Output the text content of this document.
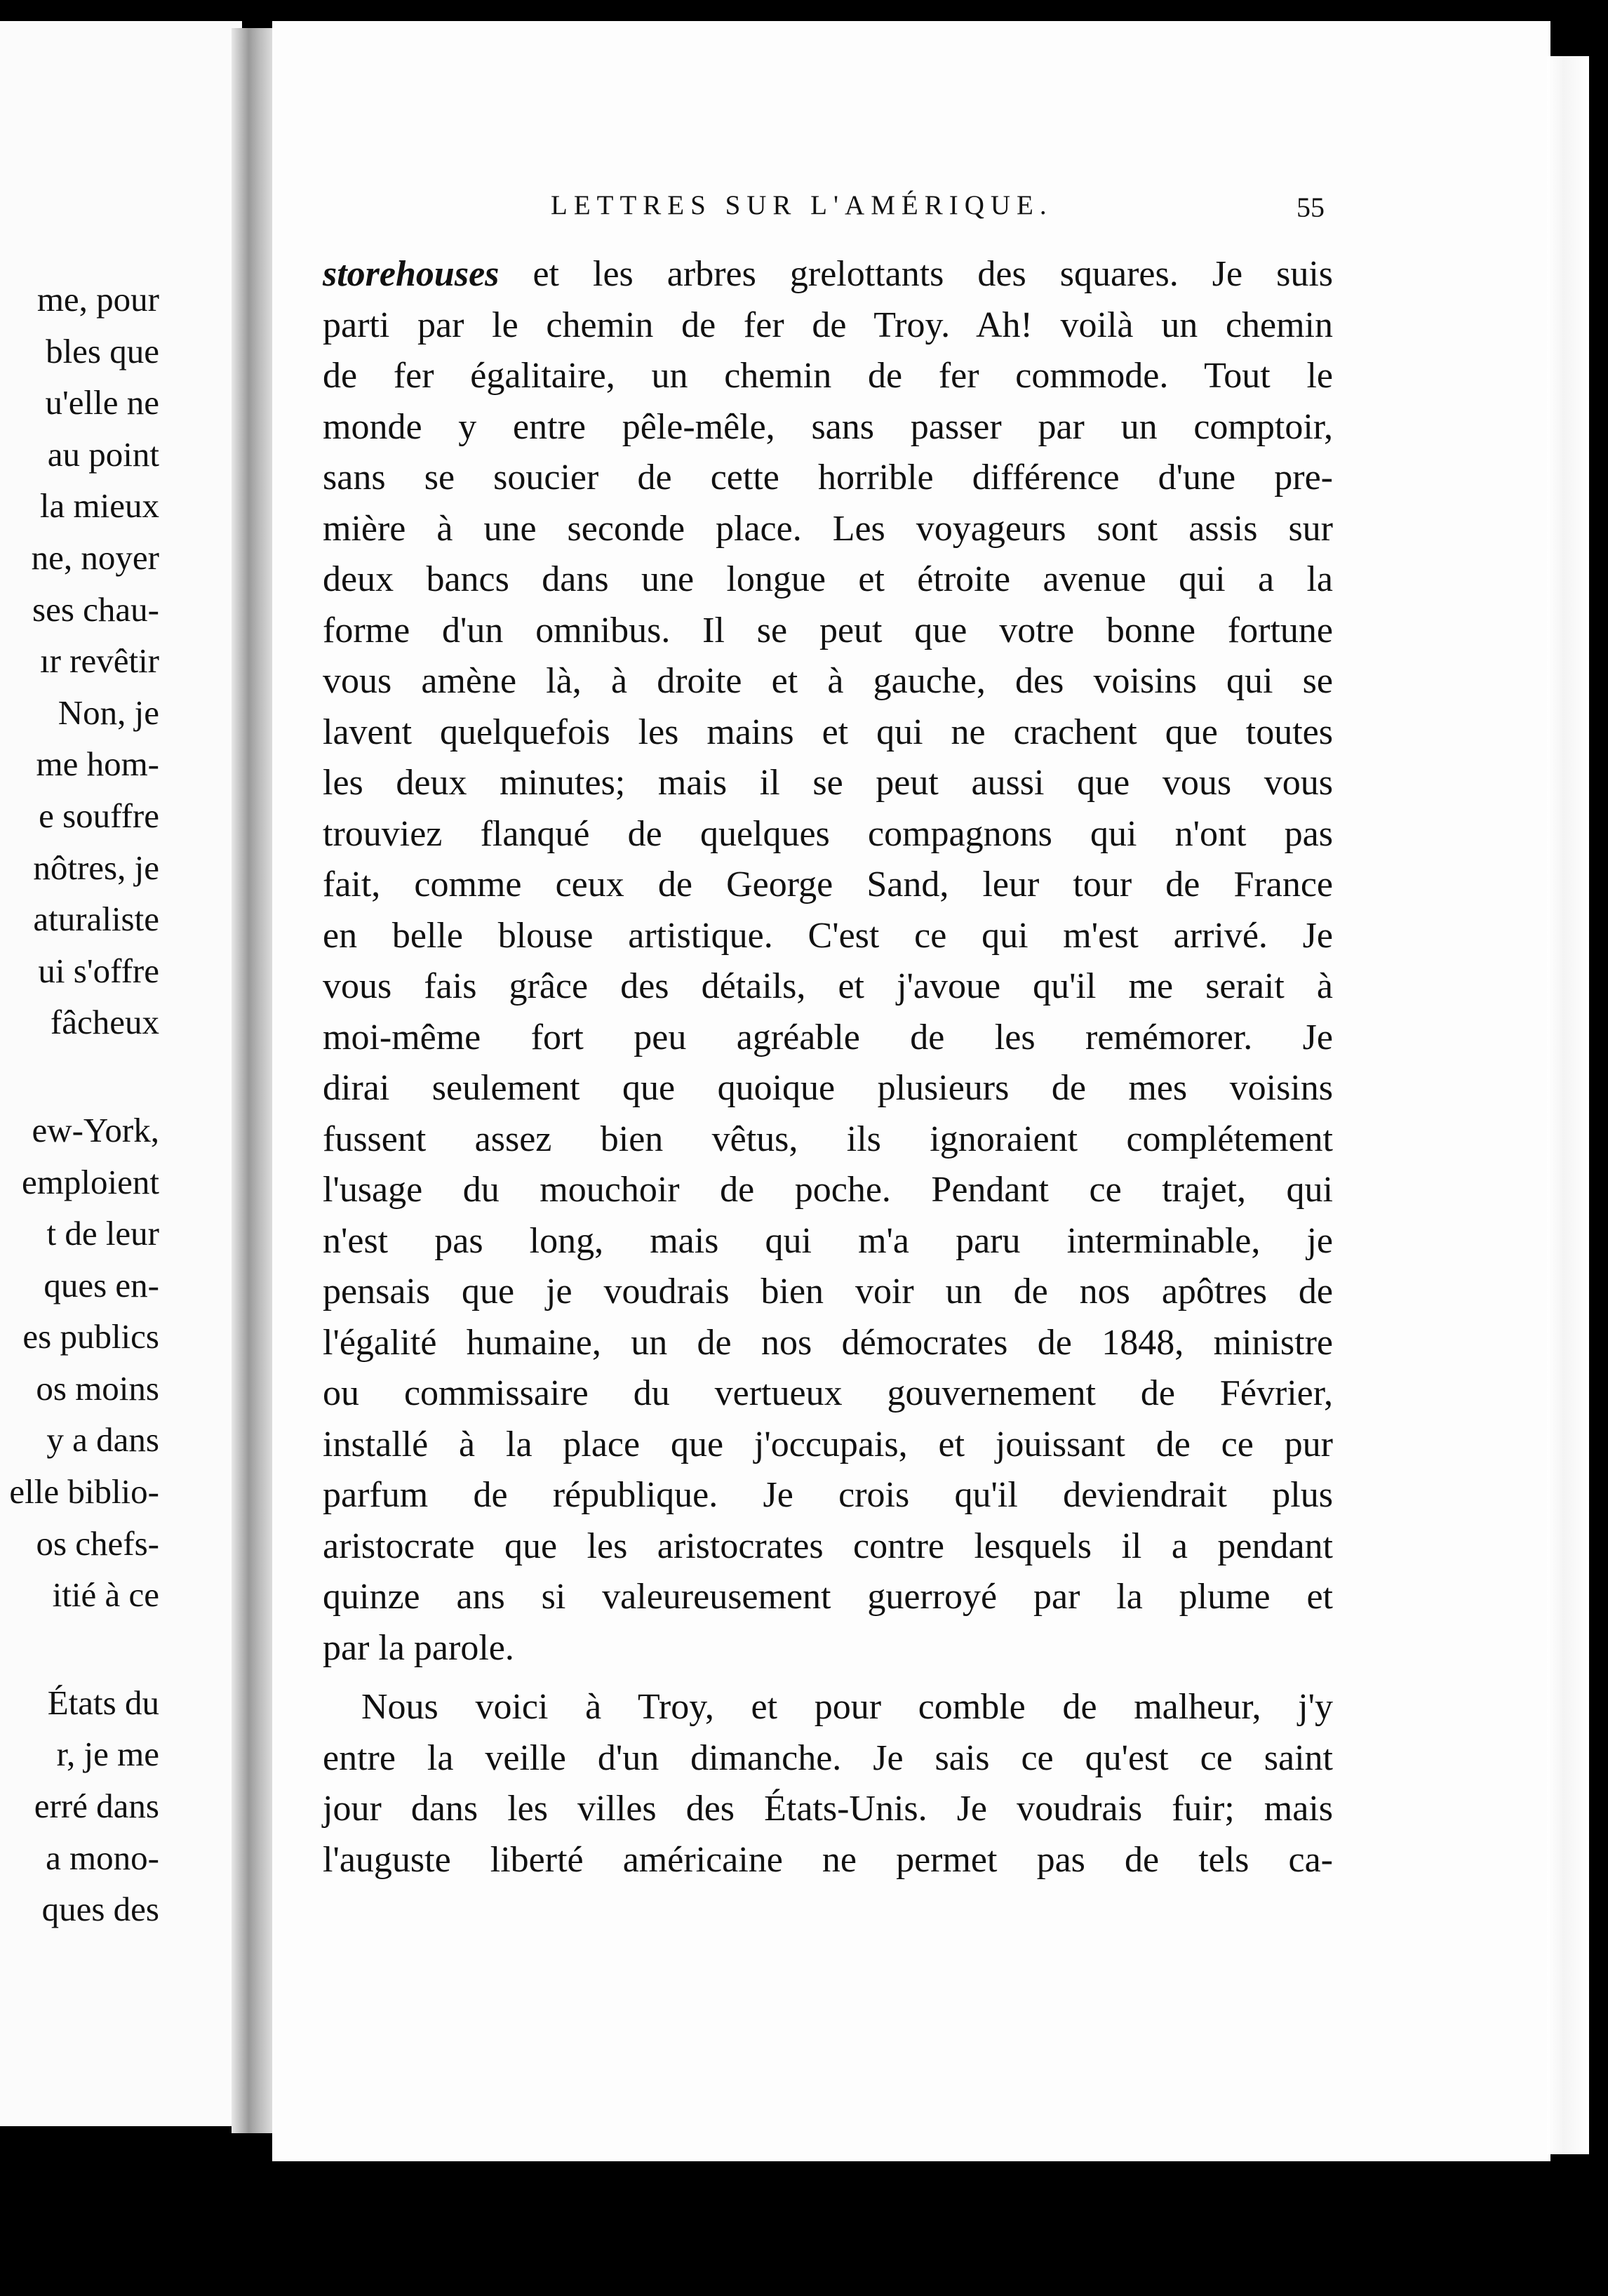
me, pour
bles que
u'elle ne
au point
la mieux
ne, noyer
ses chau-
ır revêtir
Non, je
me hom-
e souffre
nôtres, je
aturaliste
ui s'offre
fâcheux
ew-York,
emploient
t de leur
ques en-
es publics
os moins
y a dans
elle biblio-
os chefs-
itié à ce
États du
r, je me
erré dans
a mono-
ques des
LETTRES SUR L'AMÉRIQUE.	55
storehouses et les arbres grelottants des squares. Je suis
parti par le chemin de fer de Troy. Ah! voilà un chemin
de fer égalitaire, un chemin de fer commode. Tout le
monde y entre pêle-mêle, sans passer par un comptoir,
sans se soucier de cette horrible différence d'une pre-
mière à une seconde place. Les voyageurs sont assis sur
deux bancs dans une longue et étroite avenue qui a la
forme d'un omnibus. Il se peut que votre bonne fortune
vous amène là, à droite et à gauche, des voisins qui se
lavent quelquefois les mains et qui ne crachent que toutes
les deux minutes; mais il se peut aussi que vous vous
trouviez flanqué de quelques compagnons qui n'ont pas
fait, comme ceux de George Sand, leur tour de France
en belle blouse artistique. C'est ce qui m'est arrivé. Je
vous fais grâce des détails, et j'avoue qu'il me serait à
moi-même fort peu agréable de les remémorer. Je
dirai seulement que quoique plusieurs de mes voisins
fussent assez bien vêtus, ils ignoraient complétement
l'usage du mouchoir de poche. Pendant ce trajet, qui
n'est pas long, mais qui m'a paru interminable, je
pensais que je voudrais bien voir un de nos apôtres de
l'égalité humaine, un de nos démocrates de 1848, ministre
ou commissaire du vertueux gouvernement de Février,
installé à la place que j'occupais, et jouissant de ce pur
parfum de république. Je crois qu'il deviendrait plus
aristocrate que les aristocrates contre lesquels il a pendant
quinze ans si valeureusement guerroyé par la plume et
par la parole.
Nous voici à Troy, et pour comble de malheur, j'y
entre la veille d'un dimanche. Je sais ce qu'est ce saint
jour dans les villes des États-Unis. Je voudrais fuir; mais
l'auguste liberté américaine ne permet pas de tels ca-
